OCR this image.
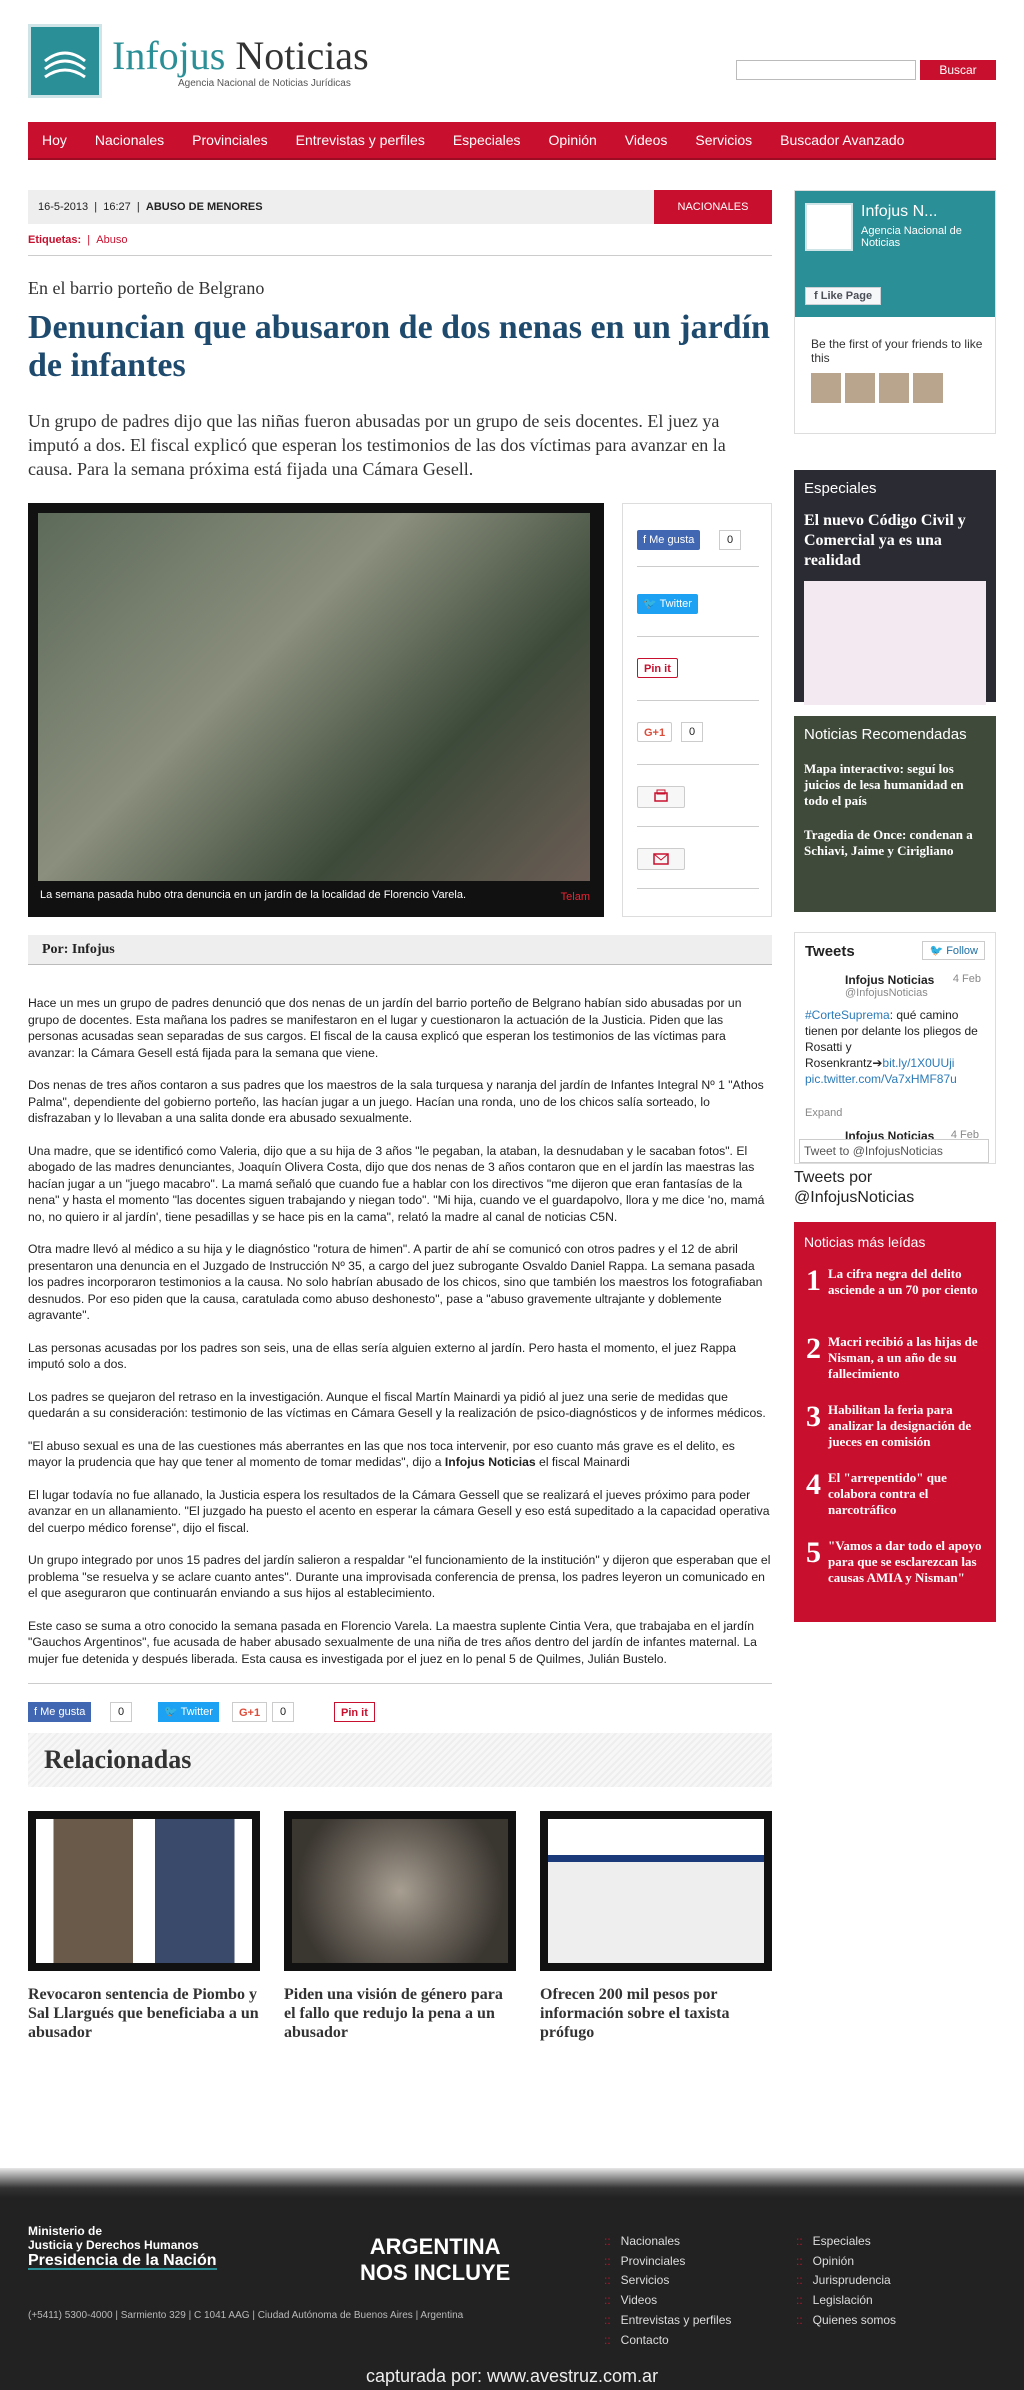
Infojus Noticias
Agencia Nacional de Noticias Jurídicas
Buscar
Hoy	Nacionales	Provinciales	Entrevistas y perfiles	Especiales	Opinión	Videos	Servicios	Buscador Avanzado
16-5-2013  |  16:27  |  ABUSO DE MENORES	NACIONALES
Etiquetas:  |  Abuso
En el barrio porteño de Belgrano
Denuncian que abusaron de dos nenas en un jardín de infantes
Un grupo de padres dijo que las niñas fueron abusadas por un grupo de seis docentes. El juez ya imputó a dos. El fiscal explicó que esperan los testimonios de las dos víctimas para avanzar en la causa. Para la semana próxima está fijada una Cámara Gesell.
La semana pasada hubo otra denuncia en un jardín de la localidad de Florencio Varela.	Telam
f Me gusta	0
🐦 Twitter
Pin it
G+1	0
Por: Infojus

Hace un mes un grupo de padres denunció que dos nenas de un jardín del barrio porteño de Belgrano habían sido abusadas por un grupo de docentes. Esta mañana los padres se manifestaron en el lugar y cuestionaron la actuación de la Justicia. Piden que las personas acusadas sean separadas de sus cargos. El fiscal de la causa explicó que esperan los testimonios de las víctimas para avanzar: la Cámara Gesell está fijada para la semana que viene.

Dos nenas de tres años contaron a sus padres que los maestros de la sala turquesa y naranja del jardín de Infantes Integral Nº 1 "Athos Palma", dependiente del gobierno porteño, las hacían jugar a un juego. Hacían una ronda, uno de los chicos salía sorteado, lo disfrazaban y lo llevaban a una salita donde era abusado sexualmente.

Una madre, que se identificó como Valeria, dijo que a su hija de 3 años "le pegaban, la ataban, la desnudaban y le sacaban fotos". El abogado de las madres denunciantes, Joaquín Olivera Costa, dijo que dos nenas de 3 años contaron que en el jardín las maestras las hacían jugar a un "juego macabro". La mamá señaló que cuando fue a hablar con los directivos "me dijeron que eran fantasías de la nena" y hasta el momento "las docentes siguen trabajando y niegan todo". "Mi hija, cuando ve el guardapolvo, llora y me dice 'no, mamá no, no quiero ir al jardín', tiene pesadillas y se hace pis en la cama", relató la madre al canal de noticias C5N.

Otra madre llevó al médico a su hija y le diagnóstico "rotura de himen". A partir de ahí se comunicó con otros padres y el 12 de abril presentaron una denuncia en el Juzgado de Instrucción Nº 35, a cargo del juez subrogante Osvaldo Daniel Rappa. La semana pasada los padres incorporaron testimonios a la causa. No solo habrían abusado de los chicos, sino que también los maestros los fotografiaban desnudos. Por eso piden que la causa, caratulada como abuso deshonesto", pase a "abuso gravemente ultrajante y doblemente agravante".

Las personas acusadas por los padres son seis, una de ellas sería alguien externo al jardín. Pero hasta el momento, el juez Rappa imputó solo a dos.

Los padres se quejaron del retraso en la investigación. Aunque el fiscal Martín Mainardi ya pidió al juez una serie de medidas que quedarán a su consideración: testimonio de las víctimas en Cámara Gesell y la realización de psico-diagnósticos y de informes médicos.

"El abuso sexual es una de las cuestiones más aberrantes en las que nos toca intervenir, por eso cuanto más grave es el delito, es mayor la prudencia que hay que tener al momento de tomar medidas", dijo a Infojus Noticias el fiscal Mainardi

El lugar todavía no fue allanado, la Justicia espera los resultados de la Cámara Gessell que se realizará el jueves próximo para poder avanzar en un allanamiento. "El juzgado ha puesto el acento en esperar la cámara Gesell y eso está supeditado a la capacidad operativa del cuerpo médico forense", dijo el fiscal.

Un grupo integrado por unos 15 padres del jardín salieron a respaldar "el funcionamiento de la institución" y dijeron que esperaban que el problema "se resuelva y se aclare cuanto antes". Durante una improvisada conferencia de prensa, los padres leyeron un comunicado en el que aseguraron que continuarán enviando a sus hijos al establecimiento.

Este caso se suma a otro conocido la semana pasada en Florencio Varela. La maestra suplente Cintia Vera, que trabajaba en el jardín "Gauchos Argentinos", fue acusada de haber abusado sexualmente de una niña de tres años dentro del jardín de infantes maternal. La mujer fue detenida y después liberada. Esta causa es investigada por el juez en lo penal 5 de Quilmes, Julián Bustelo.

f Me gusta	0	🐦 Twitter	G+1	0	Pin it
Relacionadas
Revocaron sentencia de Piombo y Sal Llargués que beneficiaba a un abusador
Piden una visión de género para el fallo que redujo la pena a un abusador
Ofrecen 200 mil pesos por información sobre el taxista prófugo
Infojus N...
Agencia Nacional de Noticias
f Like Page
Be the first of your friends to like this
Especiales
El nuevo Código Civil y Comercial ya es una realidad
Noticias Recomendadas
Mapa interactivo: seguí los juicios de lesa humanidad en todo el país
Tragedia de Once: condenan a Schiavi, Jaime y Cirigliano
Tweets	🐦 Follow
Infojus Noticias	4 Feb
@InfojusNoticias
#CorteSuprema: qué camino tienen por delante los pliegos de Rosatti y Rosenkrantz➔bit.ly/1X0UUji pic.twitter.com/Va7xHMF87u
Expand
Infojus Noticias 4 Feb
Tweet to @InfojusNoticias
Tweets por @InfojusNoticias
Noticias más leídas
1 La cifra negra del delito asciende a un 70 por ciento
2 Macri recibió a las hijas de Nisman, a un año de su fallecimiento
3 Habilitan la feria para analizar la designación de jueces en comisión
4 El "arrepentido" que colabora contra el narcotráfico
5 "Vamos a dar todo el apoyo para que se esclarezcan las causas AMIA y Nisman"
Ministerio de
Justicia y Derechos Humanos
Presidencia de la Nación
ARGENTINA
NOS INCLUYE
(+5411) 5300-4000 | Sarmiento 329 | C 1041 AAG | Ciudad Autónoma de Buenos Aires | Argentina
:: Nacionales
:: Provinciales
:: Servicios
:: Videos
:: Entrevistas y perfiles
:: Contacto
:: Especiales
:: Opinión
:: Jurisprudencia
:: Legislación
:: Quienes somos
capturada por: www.avestruz.com.ar
